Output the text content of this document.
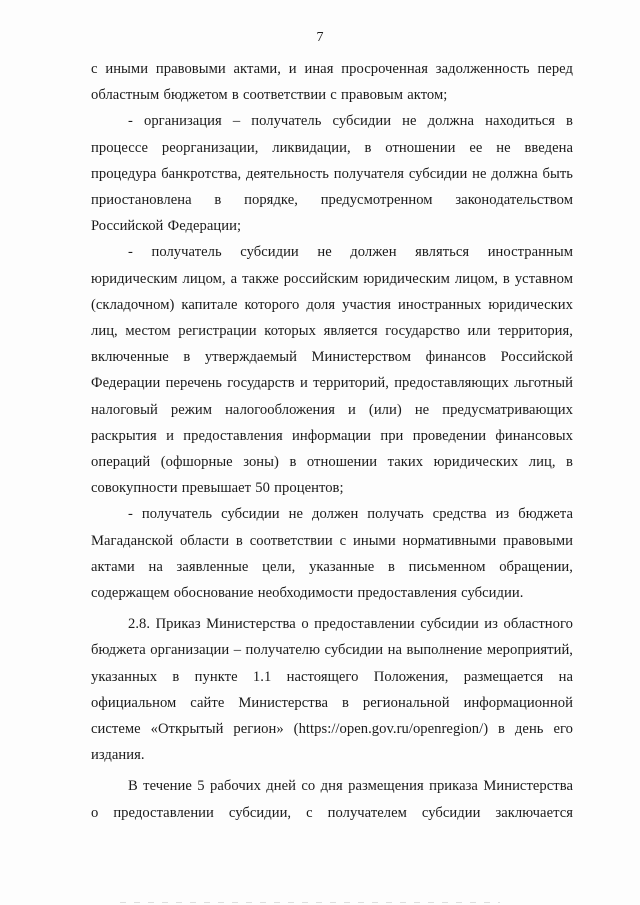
7

с иными правовыми актами, и иная просроченная задолженность перед областным бюджетом в соответствии с правовым актом;

- организация – получатель субсидии не должна находиться в процессе реорганизации, ликвидации, в отношении ее не введена процедура банкротства, деятельность получателя субсидии не должна быть приостановлена в порядке, предусмотренном законодательством Российской Федерации;

- получатель субсидии не должен являться иностранным юридическим лицом, а также российским юридическим лицом, в уставном (складочном) капитале которого доля участия иностранных юридических лиц, местом регистрации которых является государство или территория, включенные в утверждаемый Министерством финансов Российской Федерации перечень государств и территорий, предоставляющих льготный налоговый режим налогообложения и (или) не предусматривающих раскрытия и предоставления информации при проведении финансовых операций (офшорные зоны) в отношении таких юридических лиц, в совокупности превышает 50 процентов;

- получатель субсидии не должен получать средства из бюджета Магаданской области в соответствии с иными нормативными правовыми актами на заявленные цели, указанные в письменном обращении, содержащем обоснование необходимости предоставления субсидии.

2.8. Приказ Министерства о предоставлении субсидии из областного бюджета организации – получателю субсидии на выполнение мероприятий, указанных в пункте 1.1 настоящего Положения, размещается на официальном сайте Министерства в региональной информационной системе «Открытый регион» (https://open.gov.ru/openregion/) в день его издания.

В течение 5 рабочих дней со дня размещения приказа Министерства о предоставлении субсидии, с получателем субсидии заключается
